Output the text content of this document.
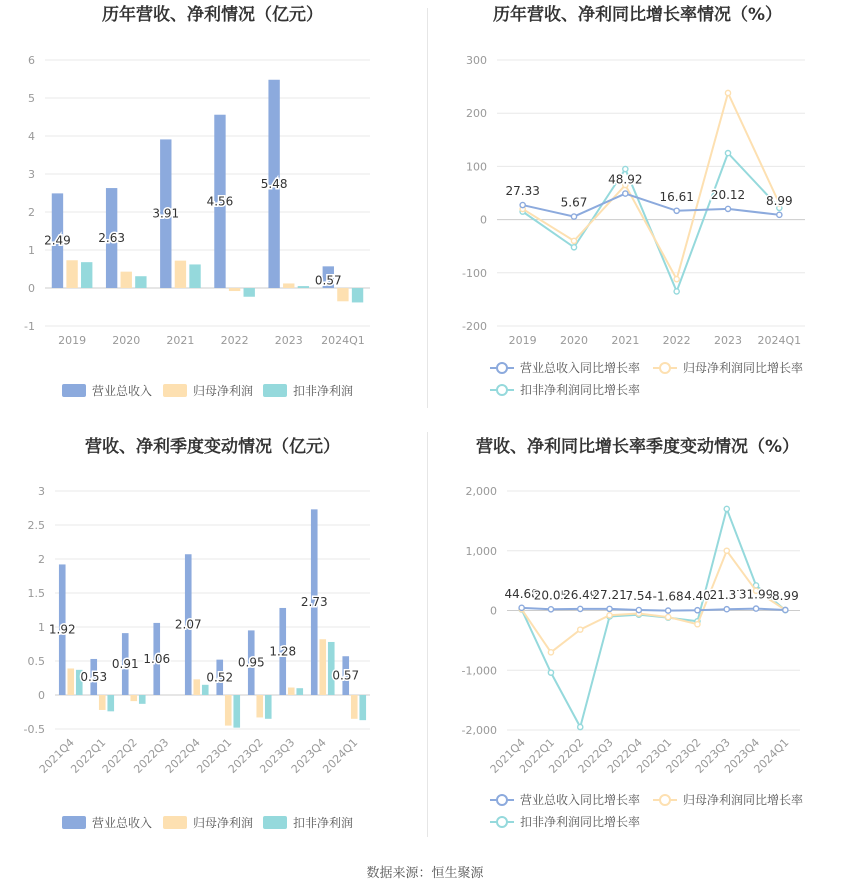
历年营收、净利情况（亿元）
-1
0
1
2
3
4
5
6
2019 2020 2021 2022 2023 2024Q1
2.49 2.63
3.91
4.56
5.48
0.57
营业总收入	归母净利润	扣非净利润
历年营收、净利同比增长率情况（%）
-200
-100
0
100
200
300
2019 2020 2021 2022 2023 2024Q1
27.33
5.67
48.92
16.61 20.12 8.99
营业总收入同比增长率	归母净利润同比增长率
扣非净利润同比增长率
营收、净利季度变动情况（亿元）
-0.5
0
0.5
1
1.5
2
2.5
3
2021Q4
2022Q1
2022Q2
2022Q3
2022Q4
2023Q1
2023Q2
2023Q3
2023Q4
2024Q1
1.92
0.53
0.91 1.06
2.07
0.52
0.95
1.28
2.73
0.57
营业总收入	归母净利润	扣非净利润
营收、净利同比增长率季度变动情况（%）
-2,000
-1,000
0
1,000
2,000
2021Q4
2022Q1
2022Q2
2022Q3
2022Q4
2023Q1
2023Q2
2023Q3
2023Q4
2024Q1
44.68
20.05
26.49
27.21
7.54 -1.68 4.40
21.37
31.99
8.99
营业总收入同比增长率	归母净利润同比增长率
扣非净利润同比增长率
数据来源：恒生聚源
